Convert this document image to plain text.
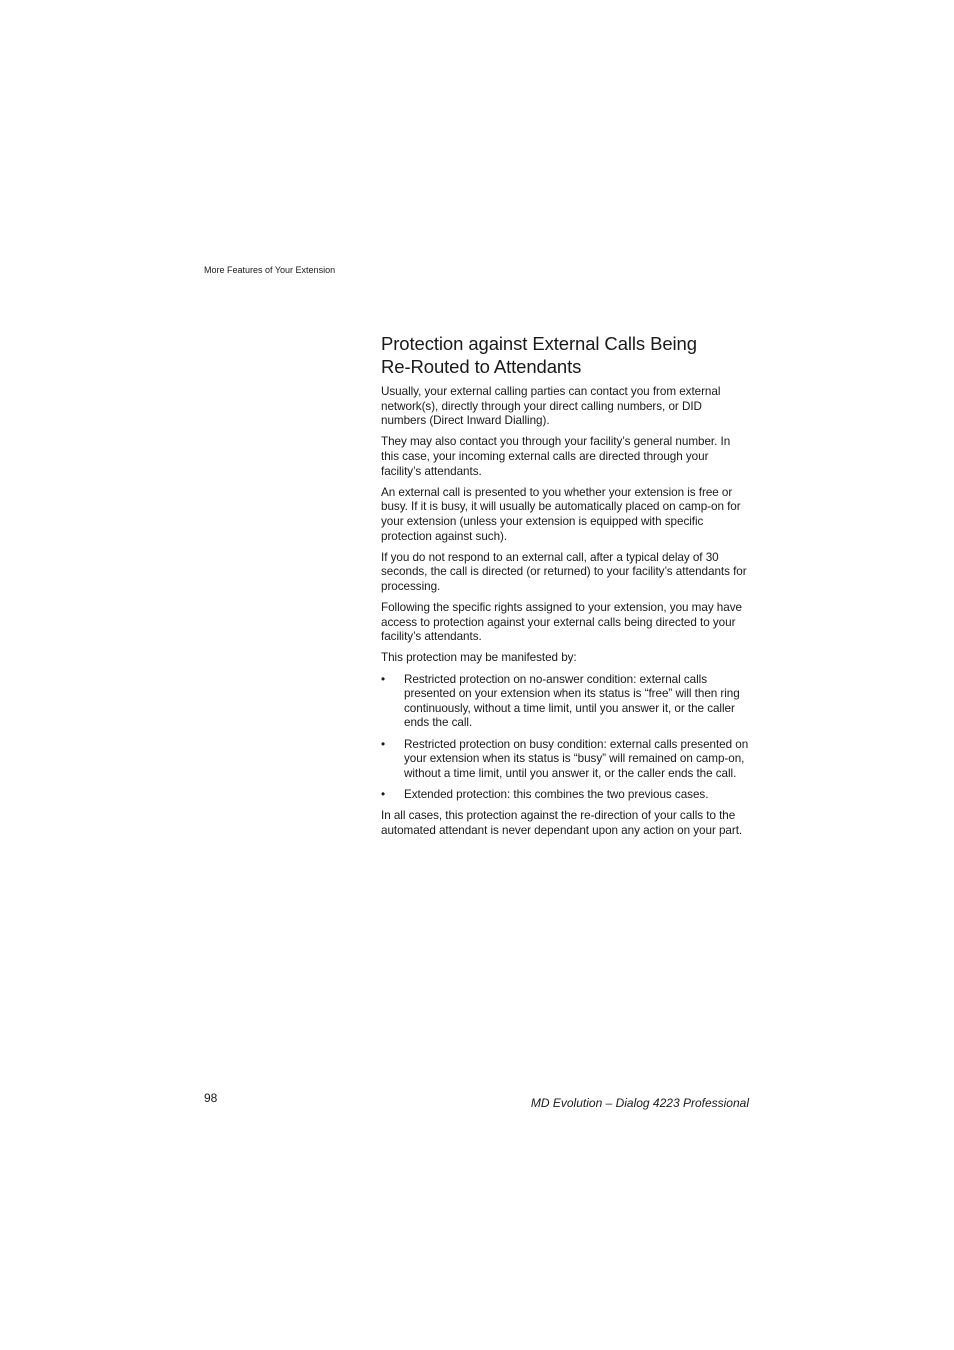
More Features of Your Extension
Protection against External Calls Being
Re-Routed to Attendants

Usually, your external calling parties can contact you from external network(s), directly through your direct calling numbers, or DID numbers (Direct Inward Dialling).

They may also contact you through your facility’s general number. In this case, your incoming external calls are directed through your facility’s attendants.

An external call is presented to you whether your extension is free or busy. If it is busy, it will usually be automatically placed on camp-on for your extension (unless your extension is equipped with specific protection against such).

If you do not respond to an external call, after a typical delay of 30 seconds, the call is directed (or returned) to your facility’s attendants for processing.

Following the specific rights assigned to your extension, you may have access to protection against your external calls being directed to your facility’s attendants.

This protection may be manifested by:

• Restricted protection on no-answer condition: external calls presented on your extension when its status is “free” will then ring continuously, without a time limit, until you answer it, or the caller ends the call.
• Restricted protection on busy condition: external calls presented on your extension when its status is “busy” will remained on camp-on, without a time limit, until you answer it, or the caller ends the call.
• Extended protection: this combines the two previous cases.

In all cases, this protection against the re-direction of your calls to the automated attendant is never dependant upon any action on your part.

98	MD Evolution – Dialog 4223 Professional
